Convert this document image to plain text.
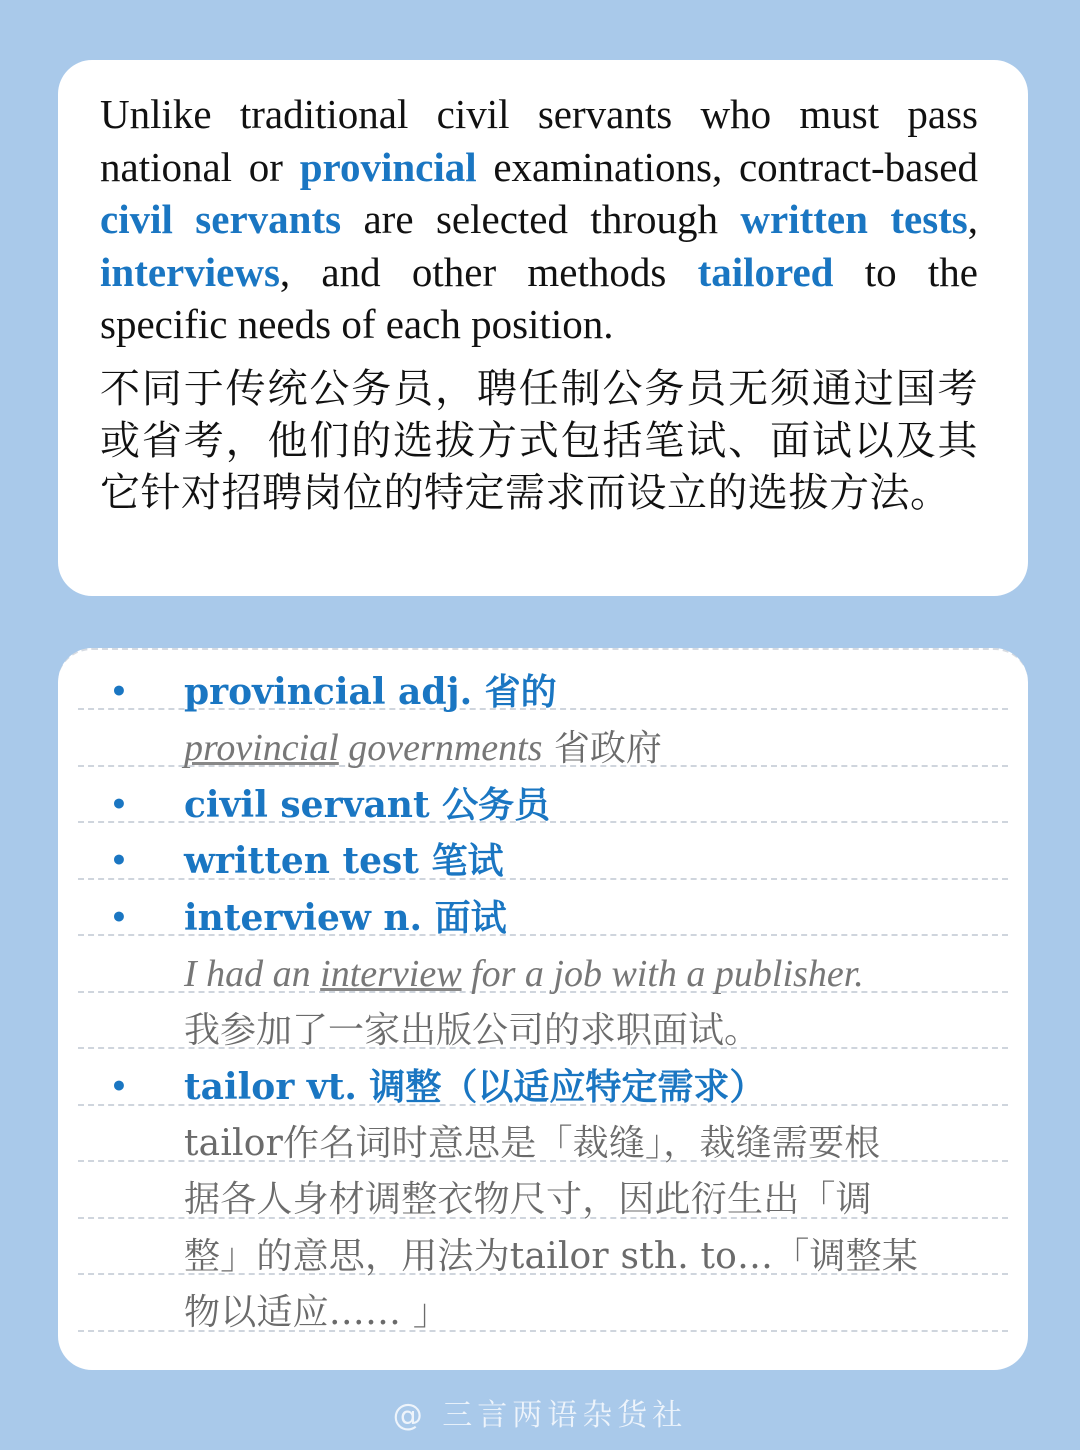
Unlike traditional civil servants who must pass national or provincial examinations, contract-based civil servants are selected through written tests, interviews, and other methods tailored to the specific needs of each position.

不同于传统公务员，聘任制公务员无须通过国考或省考，他们的选拔方式包括笔试、面试以及其它针对招聘岗位的特定需求而设立的选拔方法。

• provincial adj. 省的
provincial governments 省政府
• civil servant 公务员
• written test 笔试
• interview n. 面试
I had an interview for a job with a publisher.
我参加了一家出版公司的求职面试。
• tailor vt. 调整（以适应特定需求）
tailor作名词时意思是「裁缝」，裁缝需要根
据各人身材调整衣物尺寸，因此衍生出「调
整」的意思，用法为tailor sth. to…「调整某
物以适应…… 」
@ 三言两语杂货社
